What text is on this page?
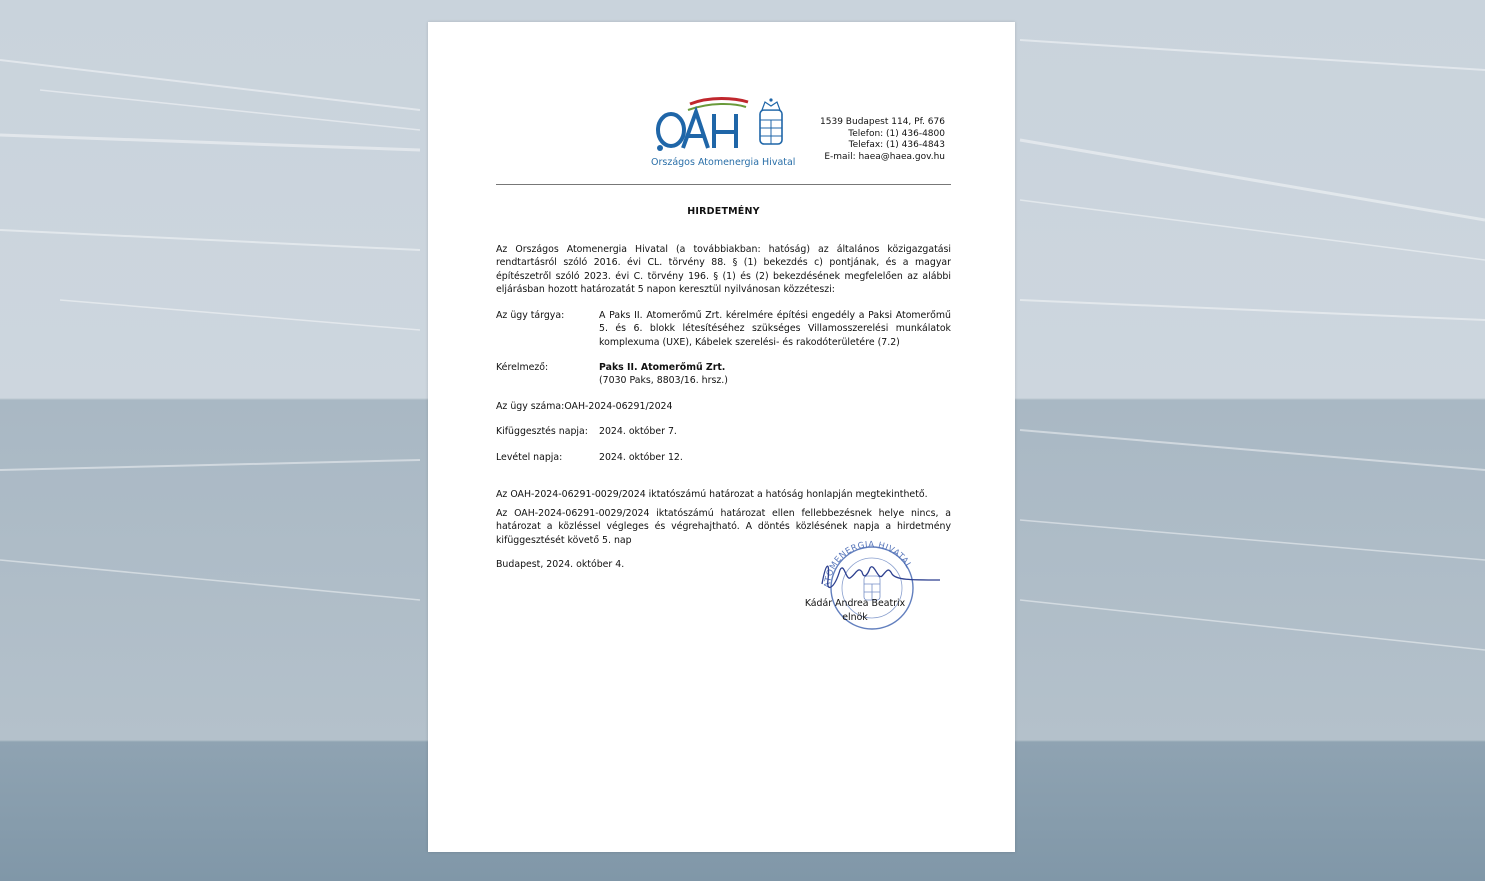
Országos Atomenergia Hivatal
1539 Budapest 114, Pf. 676
Telefon: (1) 436-4800
Telefax: (1) 436-4843
E-mail: haea@haea.gov.hu
HIRDETMÉNY
Az Országos Atomenergia Hivatal (a továbbiakban: hatóság) az általános közigazgatási rendtartásról szóló 2016. évi CL. törvény 88. § (1) bekezdés c) pontjának, és a magyar építészetről szóló 2023. évi C. törvény 196. § (1) és (2) bekezdésének megfelelően az alábbi eljárásban hozott határozatát 5 napon keresztül nyilvánosan közzéteszi:
Az ügy tárgya:	A Paks II. Atomerőmű Zrt. kérelmére építési engedély a Paksi Atomerőmű 5. és 6. blokk létesítéséhez szükséges Villamosszerelési munkálatok komplexuma (UXE), Kábelek szerelési- és rakodóterületére (7.2)
Kérelmező:	Paks II. Atomerőmű Zrt.
(7030 Paks, 8803/16. hrsz.)
Az ügy száma:OAH-2024-06291/2024
Kifüggesztés napja: 2024. október 7.
Levétel napja:	2024. október 12.
Az OAH-2024-06291-0029/2024 iktatószámú határozat a hatóság honlapján megtekinthető.
Az OAH-2024-06291-0029/2024 iktatószámú határozat ellen fellebbezésnek helye nincs, a határozat a közléssel végleges és végrehajtható. A döntés közlésének napja a hirdetmény kifüggesztését követő 5. nap
Budapest, 2024. október 4.
ATOMENERGIA HIVATAL
Kádár Andrea Beatrix
elnök
